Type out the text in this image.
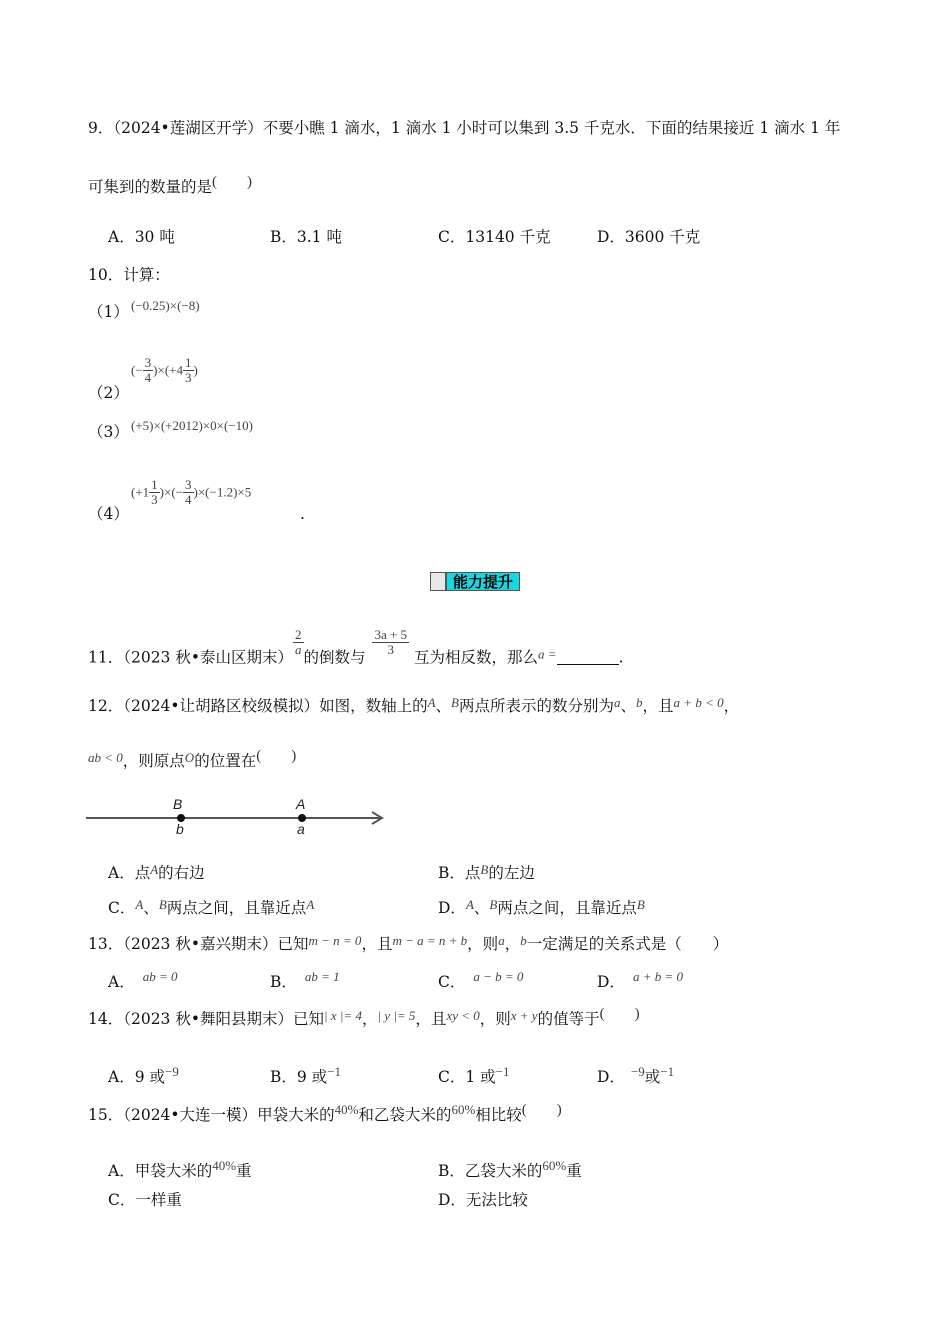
9．（2024•莲湖区开学）不要小瞧 1 滴水，1 滴水 1 小时可以集到 3.5 千克水．下面的结果接近 1 滴水 1 年
可集到的数量的是(　　)
A．30 吨	B．3.1 吨	C．13140 千克	D．3600 千克
10．计算：
（1） (−0.25)×(−8)
（2）
(− $\frac{3}{4} )\times(+4 \frac{1}{3}$ )
（3） (+5)×(+2012)×0×(−10)
（4）
($+1 \frac{1}{3}$ )×(− $\frac{3}{4} )\times(-1.2)\times 5$
.
能力提升
11．（2023 秋•泰山区期末）
$\frac{2}{a}$
的倒数与
$\frac{3a + 5}{3}$
互为相反数，那么$_{a =}$	.
12．（2024•让胡路区校级模拟）如图，数轴上的$^A$、$^B$两点所表示的数分别为$^a$、$^b$，且$^{a + b < 0}$，
$^{ab < 0}$，则原点$^O$的位置在(　　)
B
b
A
a
A．点$^A$的右边	B．点$^B$的左边
C．$^A$、$^B$两点之间，且靠近点$^A$	D．$^A$、$^B$两点之间，且靠近点$^B$
13．（2023 秋•嘉兴期末）已知$^{m - n = 0}$，且$^{m - a = n + b}$，则$^a$，$^b$一定满足的关系式是（　　）
A． $^{ab = 0}$	B． $^{ab = 1}$	C． $^{a - b = 0}$	D． $^{a + b = 0}$
14．（2023 秋•舞阳县期末）已知$^{| x |= 4}$，$^{| y |= 5}$，且$^{xy < 0}$，则$^{x + y}$的值等于(　　)
A．9 或$^{-9}$	B．9 或$^{-1}$	C．1 或$^{-1}$	D． $^{-9}$或$^{-1}$
15．（2024•大连一模）甲袋大米的$^{40\%}$和乙袋大米的$^{60\%}$相比较(　　)
A．甲袋大米的$^{40\%}$重	B．乙袋大米的$^{60\%}$重
C．一样重	D．无法比较
